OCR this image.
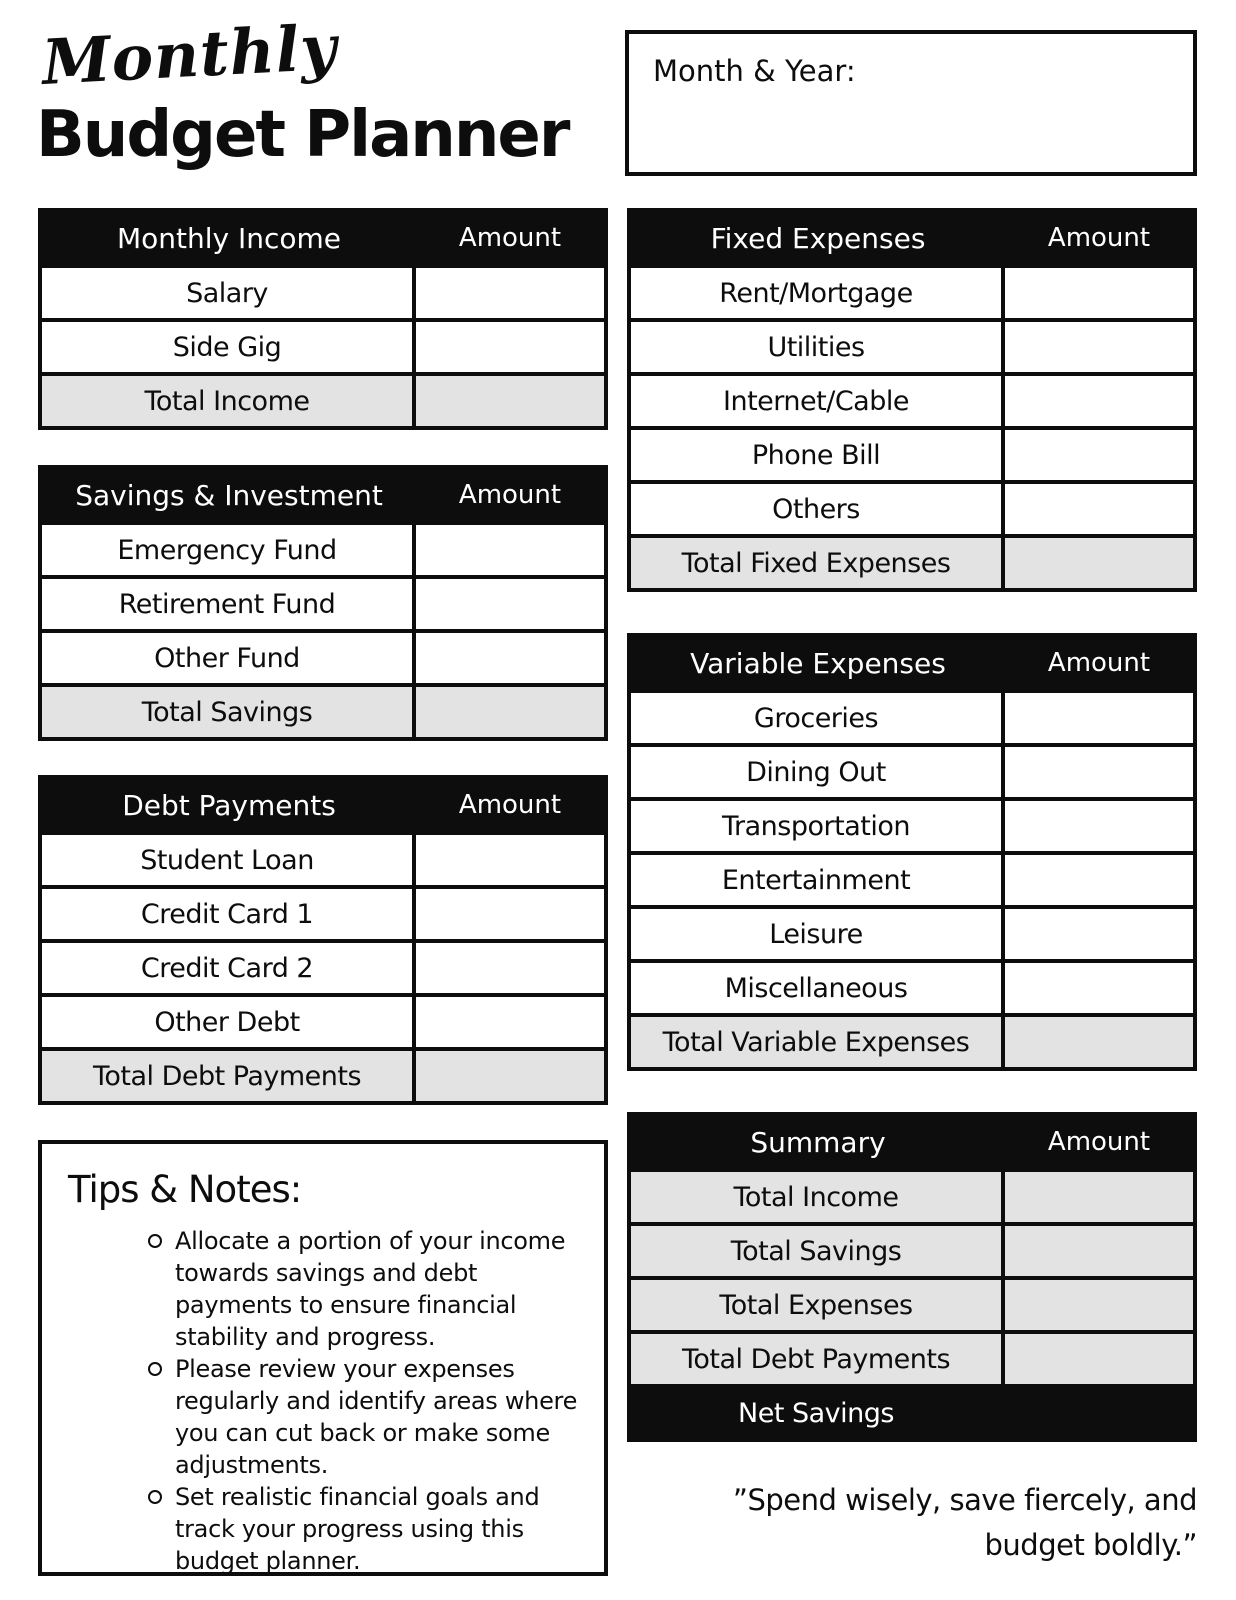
Monthly
Budget Planner
Month & Year:
Monthly Income	Amount
Salary
Side Gig
Total Income
Savings & Investment	Amount
Emergency Fund
Retirement Fund
Other Fund
Total Savings
Debt Payments	Amount
Student Loan
Credit Card 1
Credit Card 2
Other Debt
Total Debt Payments
Fixed Expenses	Amount
Rent/Mortgage
Utilities
Internet/Cable
Phone Bill
Others
Total Fixed Expenses
Variable Expenses	Amount
Groceries
Dining Out
Transportation
Entertainment
Leisure
Miscellaneous
Total Variable Expenses
Summary	Amount
Total Income
Total Savings
Total Expenses
Total Debt Payments
Net Savings
Tips & Notes:
Allocate a portion of your income towards savings and debt payments to ensure financial stability and progress.
Please review your expenses regularly and identify areas where you can cut back or make some adjustments.
Set realistic financial goals and track your progress using this budget planner.
”Spend wisely, save fiercely, and
budget boldly.”
